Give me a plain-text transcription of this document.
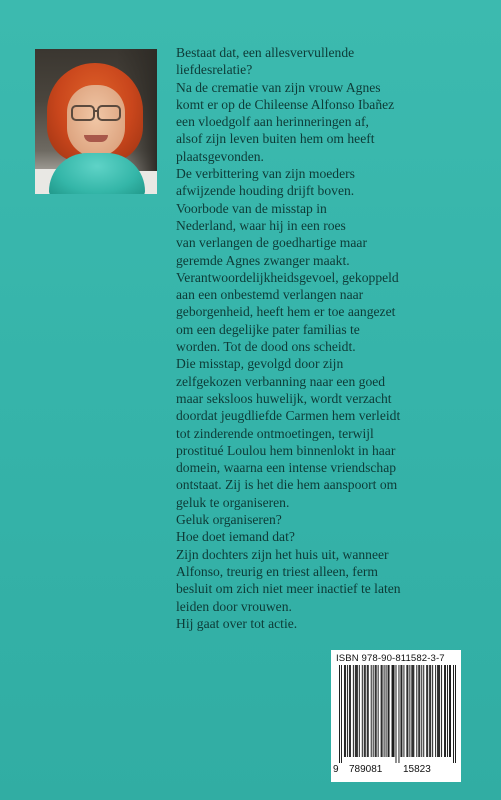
Bestaat dat, een allesvervullende
liefdesrelatie?
Na de crematie van zijn vrouw Agnes
komt er op de Chileense Alfonso Ibañez
een vloedgolf aan herinneringen af,
alsof zijn leven buiten hem om heeft
plaatsgevonden.
De verbittering van zijn moeders
afwijzende houding drijft boven.
Voorbode van de misstap in
Nederland, waar hij in een roes
van verlangen de goedhartige maar
geremde Agnes zwanger maakt.
Verantwoordelijkheidsgevoel, gekoppeld
aan een onbestemd verlangen naar
geborgenheid, heeft hem er toe aangezet
om een degelijke pater familias te
worden. Tot de dood ons scheidt.
Die misstap, gevolgd door zijn
zelfgekozen verbanning naar een goed
maar seksloos huwelijk, wordt verzacht
doordat jeugdliefde Carmen hem verleidt
tot zinderende ontmoetingen, terwijl
prostitué Loulou hem binnenlokt in haar
domein, waarna een intense vriendschap
ontstaat. Zij is het die hem aanspoort om
geluk te organiseren.
Geluk organiseren?
Hoe doet iemand dat?
Zijn dochters zijn het huis uit, wanneer
Alfonso, treurig en triest alleen, ferm
besluit om zich niet meer inactief te laten
leiden door vrouwen.
Hij gaat over tot actie.
ISBN 978-90-811582-3-7
9 789081 15823
